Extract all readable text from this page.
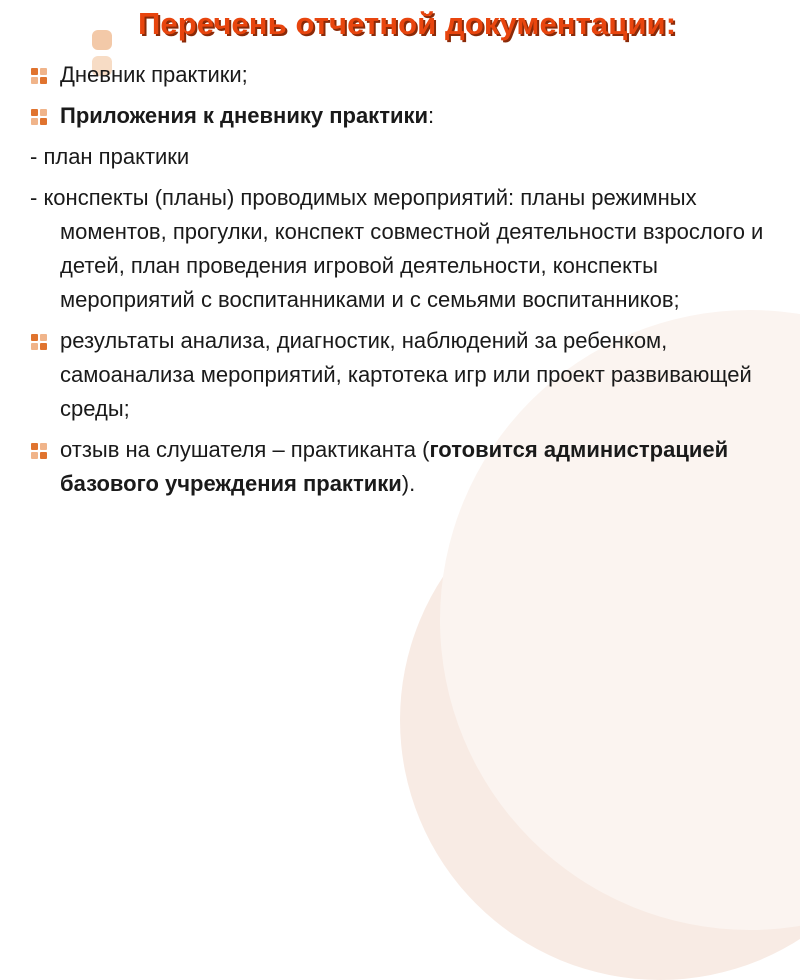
Перечень отчетной документации:
Дневник практики;
Приложения к дневнику практики:
- план практики
- конспекты (планы) проводимых мероприятий: планы режимных моментов, прогулки, конспект совместной деятельности взрослого и детей, план проведения игровой деятельности, конспекты мероприятий с воспитанниками и с семьями воспитанников;
результаты анализа, диагностик, наблюдений за ребенком, самоанализа мероприятий, картотека игр или проект развивающей среды;
отзыв на слушателя – практиканта (готовится администрацией базового учреждения практики).
